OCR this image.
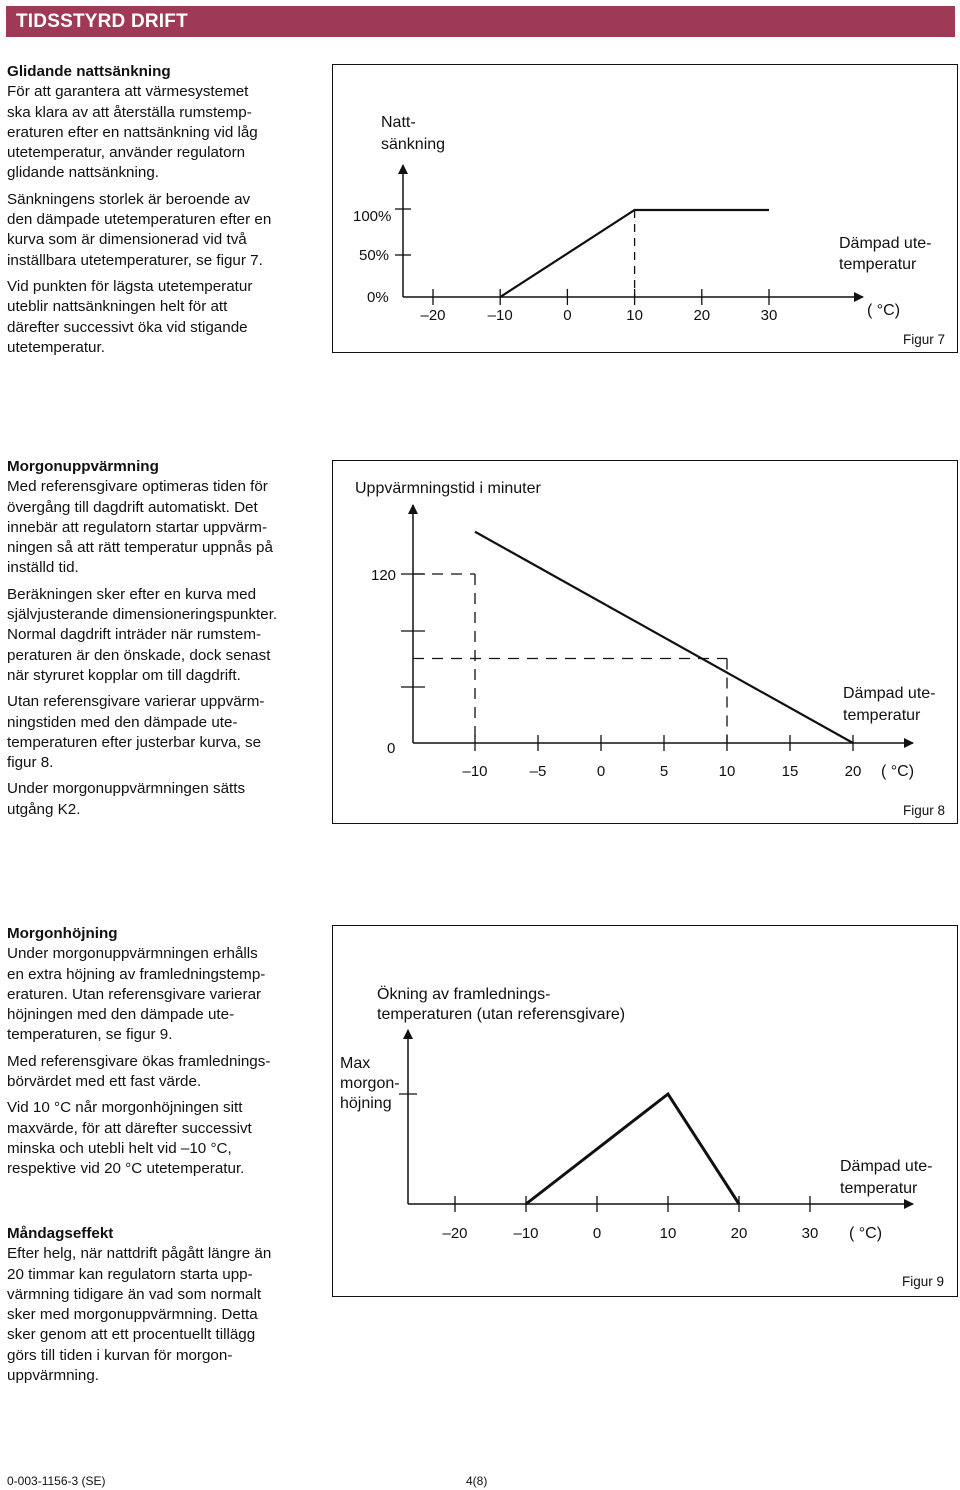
TIDSSTYRD DRIFT
Glidande nattsänkning

För att garantera att värmesystemet
ska klara av att återställa rumstemp-
eraturen efter en nattsänkning vid låg
utetemperatur, använder regulatorn
glidande nattsänkning.

Sänkningens storlek är beroende av
den dämpade utetemperaturen efter en
kurva som är dimensionerad vid två
inställbara utetemperaturer, se figur 7.

Vid punkten för lägsta utetemperatur
uteblir nattsänkningen helt för att
därefter successivt öka vid stigande
utetemperatur.

Morgonuppvärmning

Med referensgivare optimeras tiden för
övergång till dagdrift automatiskt. Det
innebär att regulatorn startar uppvärm-
ningen så att rätt temperatur uppnås på
inställd tid.

Beräkningen sker efter en kurva med
självjusterande dimensioneringspunkter.
Normal dagdrift inträder när rumstem-
peraturen är den önskade, dock senast
när styruret kopplar om till dagdrift.

Utan referensgivare varierar uppvärm-
ningstiden med den dämpade ute-
temperaturen efter justerbar kurva, se
figur 8.

Under morgonuppvärmningen sätts
utgång K2.

Morgonhöjning

Under morgonuppvärmningen erhålls
en extra höjning av framledningstemp-
eraturen. Utan referensgivare varierar
höjningen med den dämpade ute-
temperaturen, se figur 9.

Med referensgivare ökas framlednings-
börvärdet med ett fast värde.

Vid 10 °C når morgonhöjningen sitt
maxvärde, för att därefter successivt
minska och utebli helt vid –10 °C,
respektive vid 20 °C utetemperatur.

Måndagseffekt

Efter helg, när nattdrift pågått längre än
20 timmar kan regulatorn starta upp-
värmning tidigare än vad som normalt
sker med morgonuppvärmning. Detta
sker genom att ett procentuellt tillägg
görs till tiden i kurvan för morgon-
uppvärmning.

Natt-
sänkning
100%
50%
0%
–20	–10	0	10	20	30
Dämpad ute-
temperatur
( °C)
Figur 7
Uppvärmningstid i minuter
120
0
–10	–5	0	5	10	15	20
Dämpad ute-
temperatur
( °C)
Figur 8
Ökning av framlednings-
temperaturen (utan referensgivare)
Max
morgon-
höjning
–20	–10	0	10	20	30
Dämpad ute-
temperatur
( °C)
Figur 9
0-003-1156-3 (SE)	4(8)
